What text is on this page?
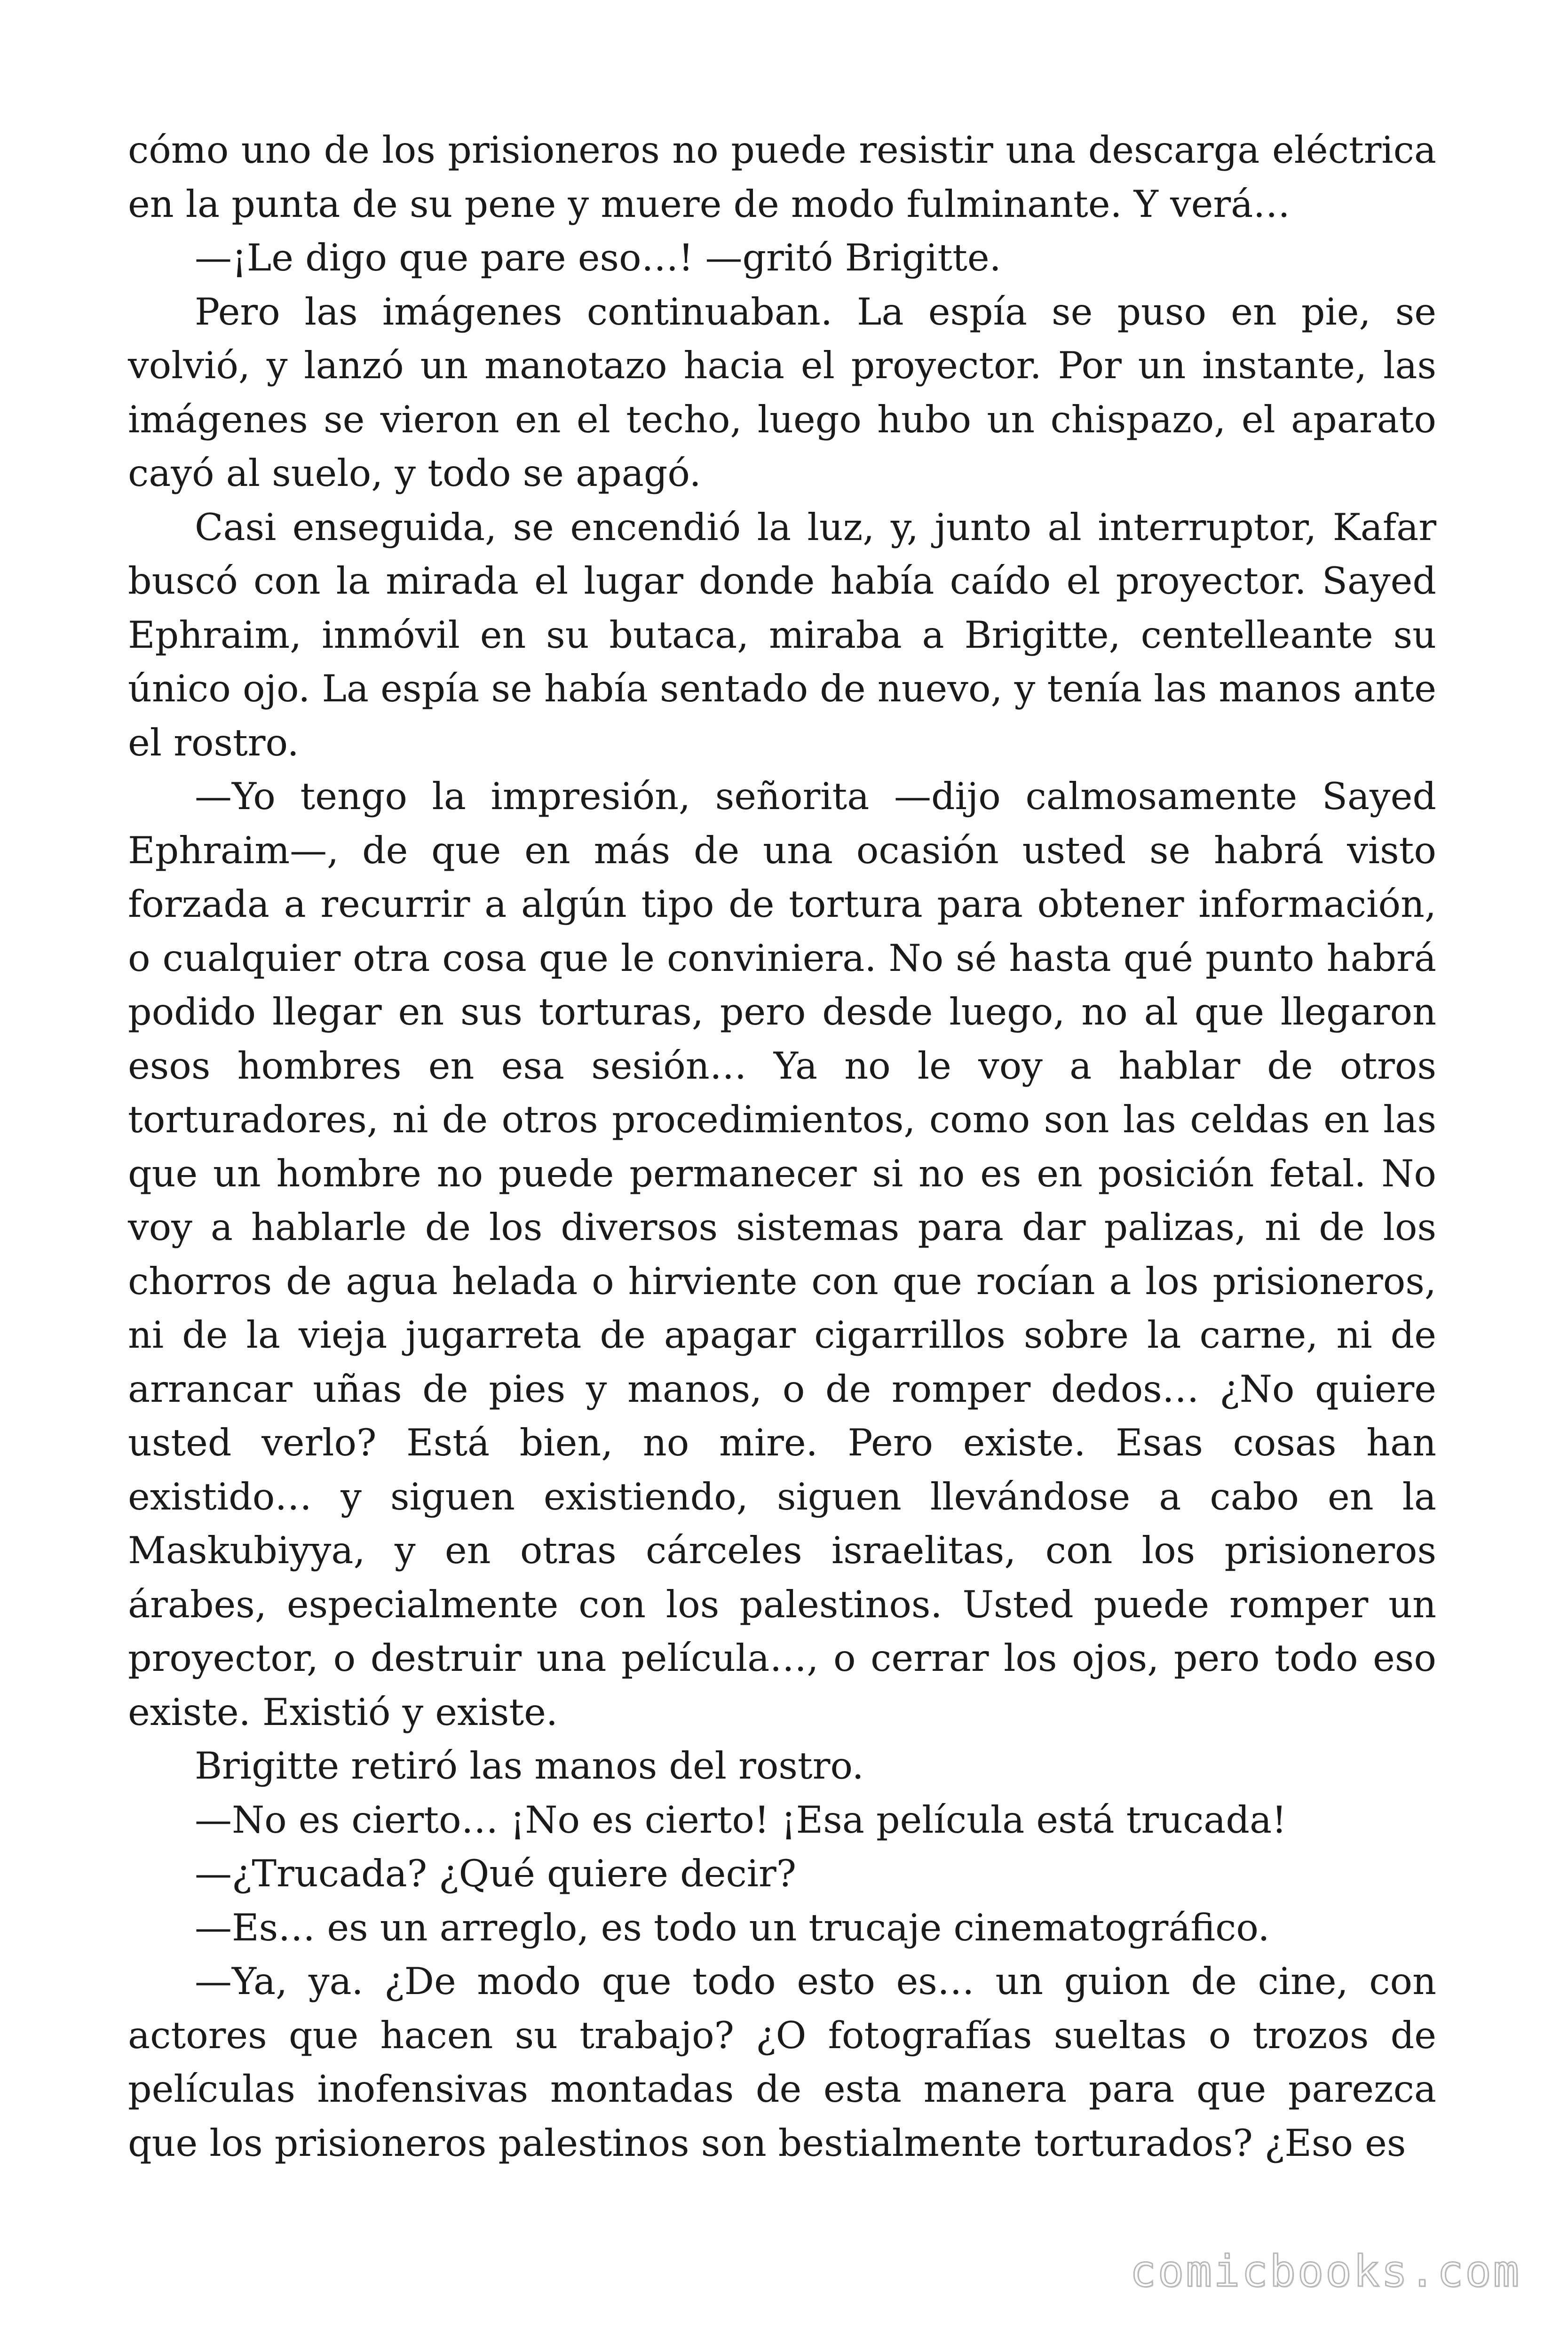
cómo uno de los prisioneros no puede resistir una descarga eléctrica en la punta de su pene y muere de modo fulminante. Y verá…

—¡Le digo que pare eso…! —gritó Brigitte.

Pero las imágenes continuaban. La espía se puso en pie, se volvió, y lanzó un manotazo hacia el proyector. Por un instante, las imágenes se vieron en el techo, luego hubo un chispazo, el aparato cayó al suelo, y todo se apagó.

Casi enseguida, se encendió la luz, y, junto al interruptor, Kafar buscó con la mirada el lugar donde había caído el proyector. Sayed Ephraim, inmóvil en su butaca, miraba a Brigitte, centelleante su único ojo. La espía se había sentado de nuevo, y tenía las manos ante el rostro.

—Yo tengo la impresión, señorita —dijo calmosamente Sayed Ephraim—, de que en más de una ocasión usted se habrá visto forzada a recurrir a algún tipo de tortura para obtener información, o cualquier otra cosa que le conviniera. No sé hasta qué punto habrá podido llegar en sus torturas, pero desde luego, no al que llegaron esos hombres en esa sesión… Ya no le voy a hablar de otros torturadores, ni de otros procedimientos, como son las celdas en las que un hombre no puede permanecer si no es en posición fetal. No voy a hablarle de los diversos sistemas para dar palizas, ni de los chorros de agua helada o hirviente con que rocían a los prisioneros, ni de la vieja jugarreta de apagar cigarrillos sobre la carne, ni de arrancar uñas de pies y manos, o de romper dedos… ¿No quiere usted verlo? Está bien, no mire. Pero existe. Esas cosas han existido… y siguen existiendo, siguen llevándose a cabo en la Maskubiyya, y en otras cárceles israelitas, con los prisioneros árabes, especialmente con los palestinos. Usted puede romper un proyector, o destruir una película…, o cerrar los ojos, pero todo eso existe. Existió y existe.

Brigitte retiró las manos del rostro.

—No es cierto… ¡No es cierto! ¡Esa película está trucada!

—¿Trucada? ¿Qué quiere decir?

—Es… es un arreglo, es todo un trucaje cinematográfico.

—Ya, ya. ¿De modo que todo esto es… un guion de cine, con actores que hacen su trabajo? ¿O fotografías sueltas o trozos de películas inofensivas montadas de esta manera para que parezca que los prisioneros palestinos son bestialmente torturados? ¿Eso es

comicbooks.com
